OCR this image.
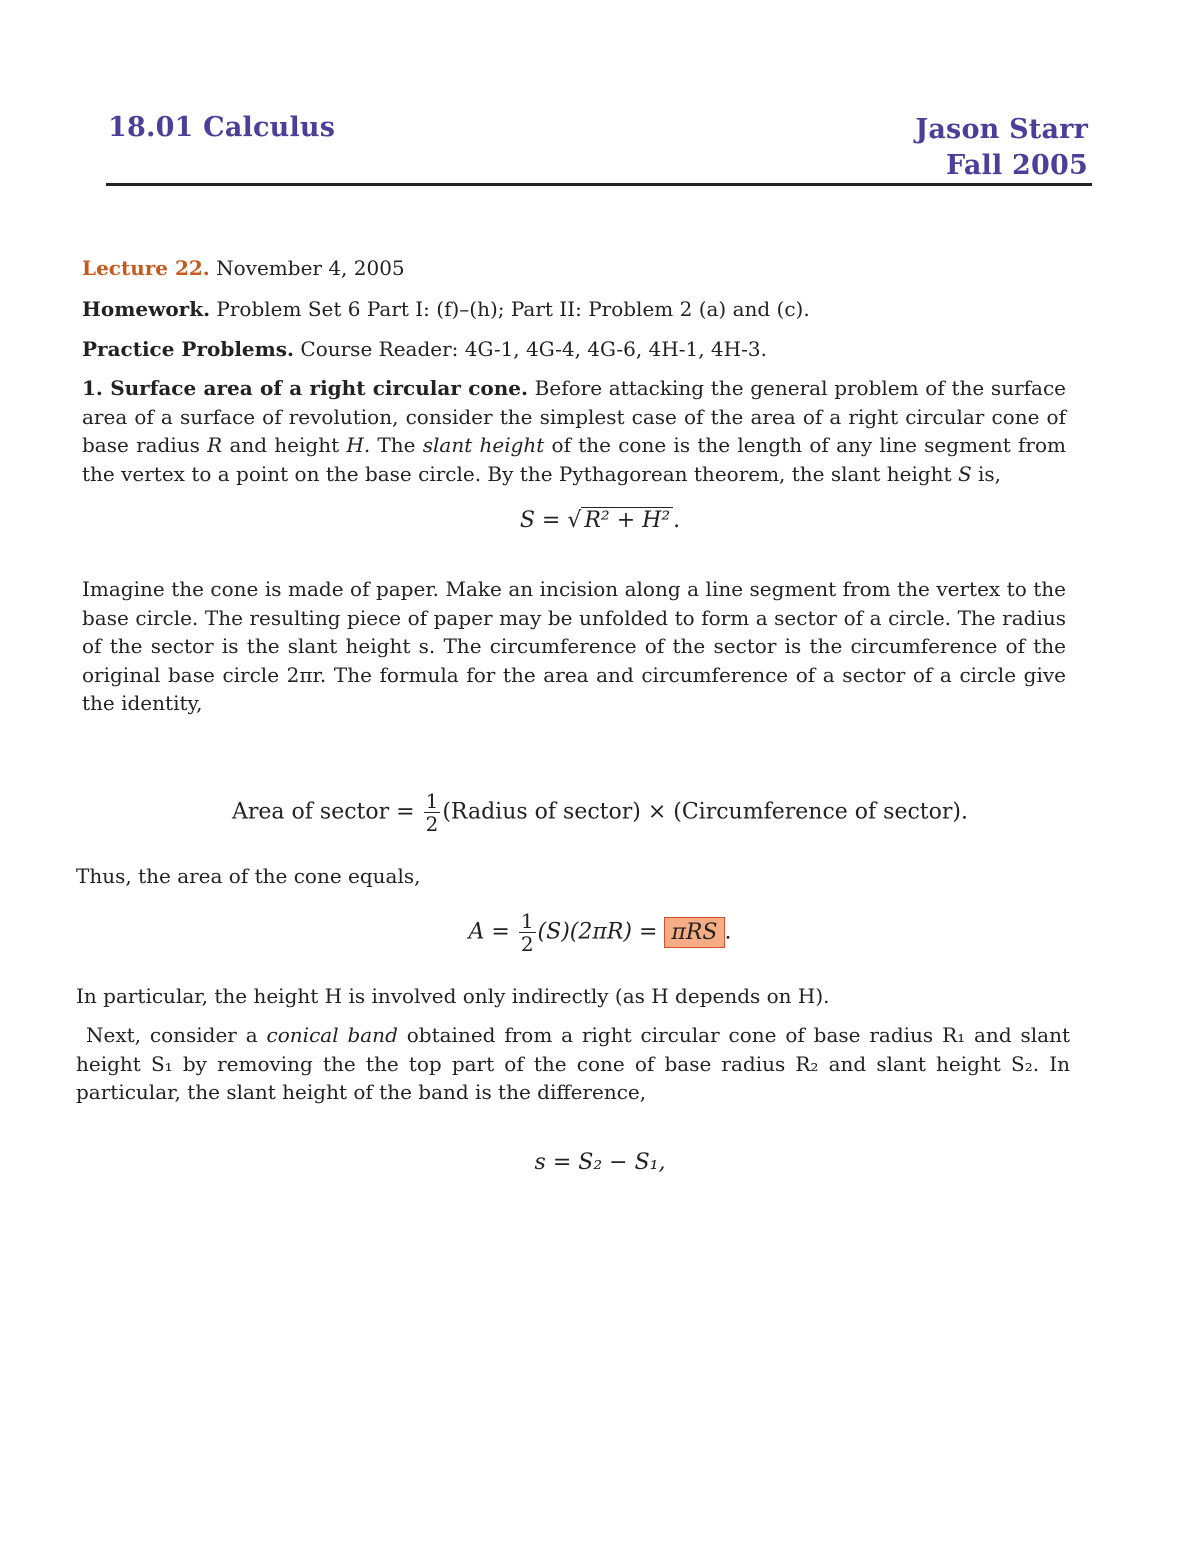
18.01 Calculus	Jason Starr
Fall 2005
Lecture 22. November 4, 2005
Homework. Problem Set 6 Part I: (f)–(h); Part II: Problem 2 (a) and (c).
Practice Problems. Course Reader: 4G-1, 4G-4, 4G-6, 4H-1, 4H-3.
1. Surface area of a right circular cone. Before attacking the general problem of the surface area of a surface of revolution, consider the simplest case of the area of a right circular cone of base radius R and height H. The slant height of the cone is the length of any line segment from the vertex to a point on the base circle. By the Pythagorean theorem, the slant height S is,
S = √ R² + H² .
Imagine the cone is made of paper. Make an incision along a line segment from the vertex to the base circle. The resulting piece of paper may be unfolded to form a sector of a circle. The radius of the sector is the slant height s. The circumference of the sector is the circumference of the original base circle 2πr. The formula for the area and circumference of a sector of a circle give the identity,
Area of sector = $\frac{1}{2}$ (Radius of sector) × (Circumference of sector).
Thus, the area of the cone equals,
$A = \frac{1}{2} (S)(2\pi R) = \pi RS$ .
In particular, the height H is involved only indirectly (as H depends on H).
Next, consider a conical band obtained from a right circular cone of base radius R₁ and slant height S₁ by removing the the top part of the cone of base radius R₂ and slant height S₂. In particular, the slant height of the band is the difference,
s = S₂ − S₁,
